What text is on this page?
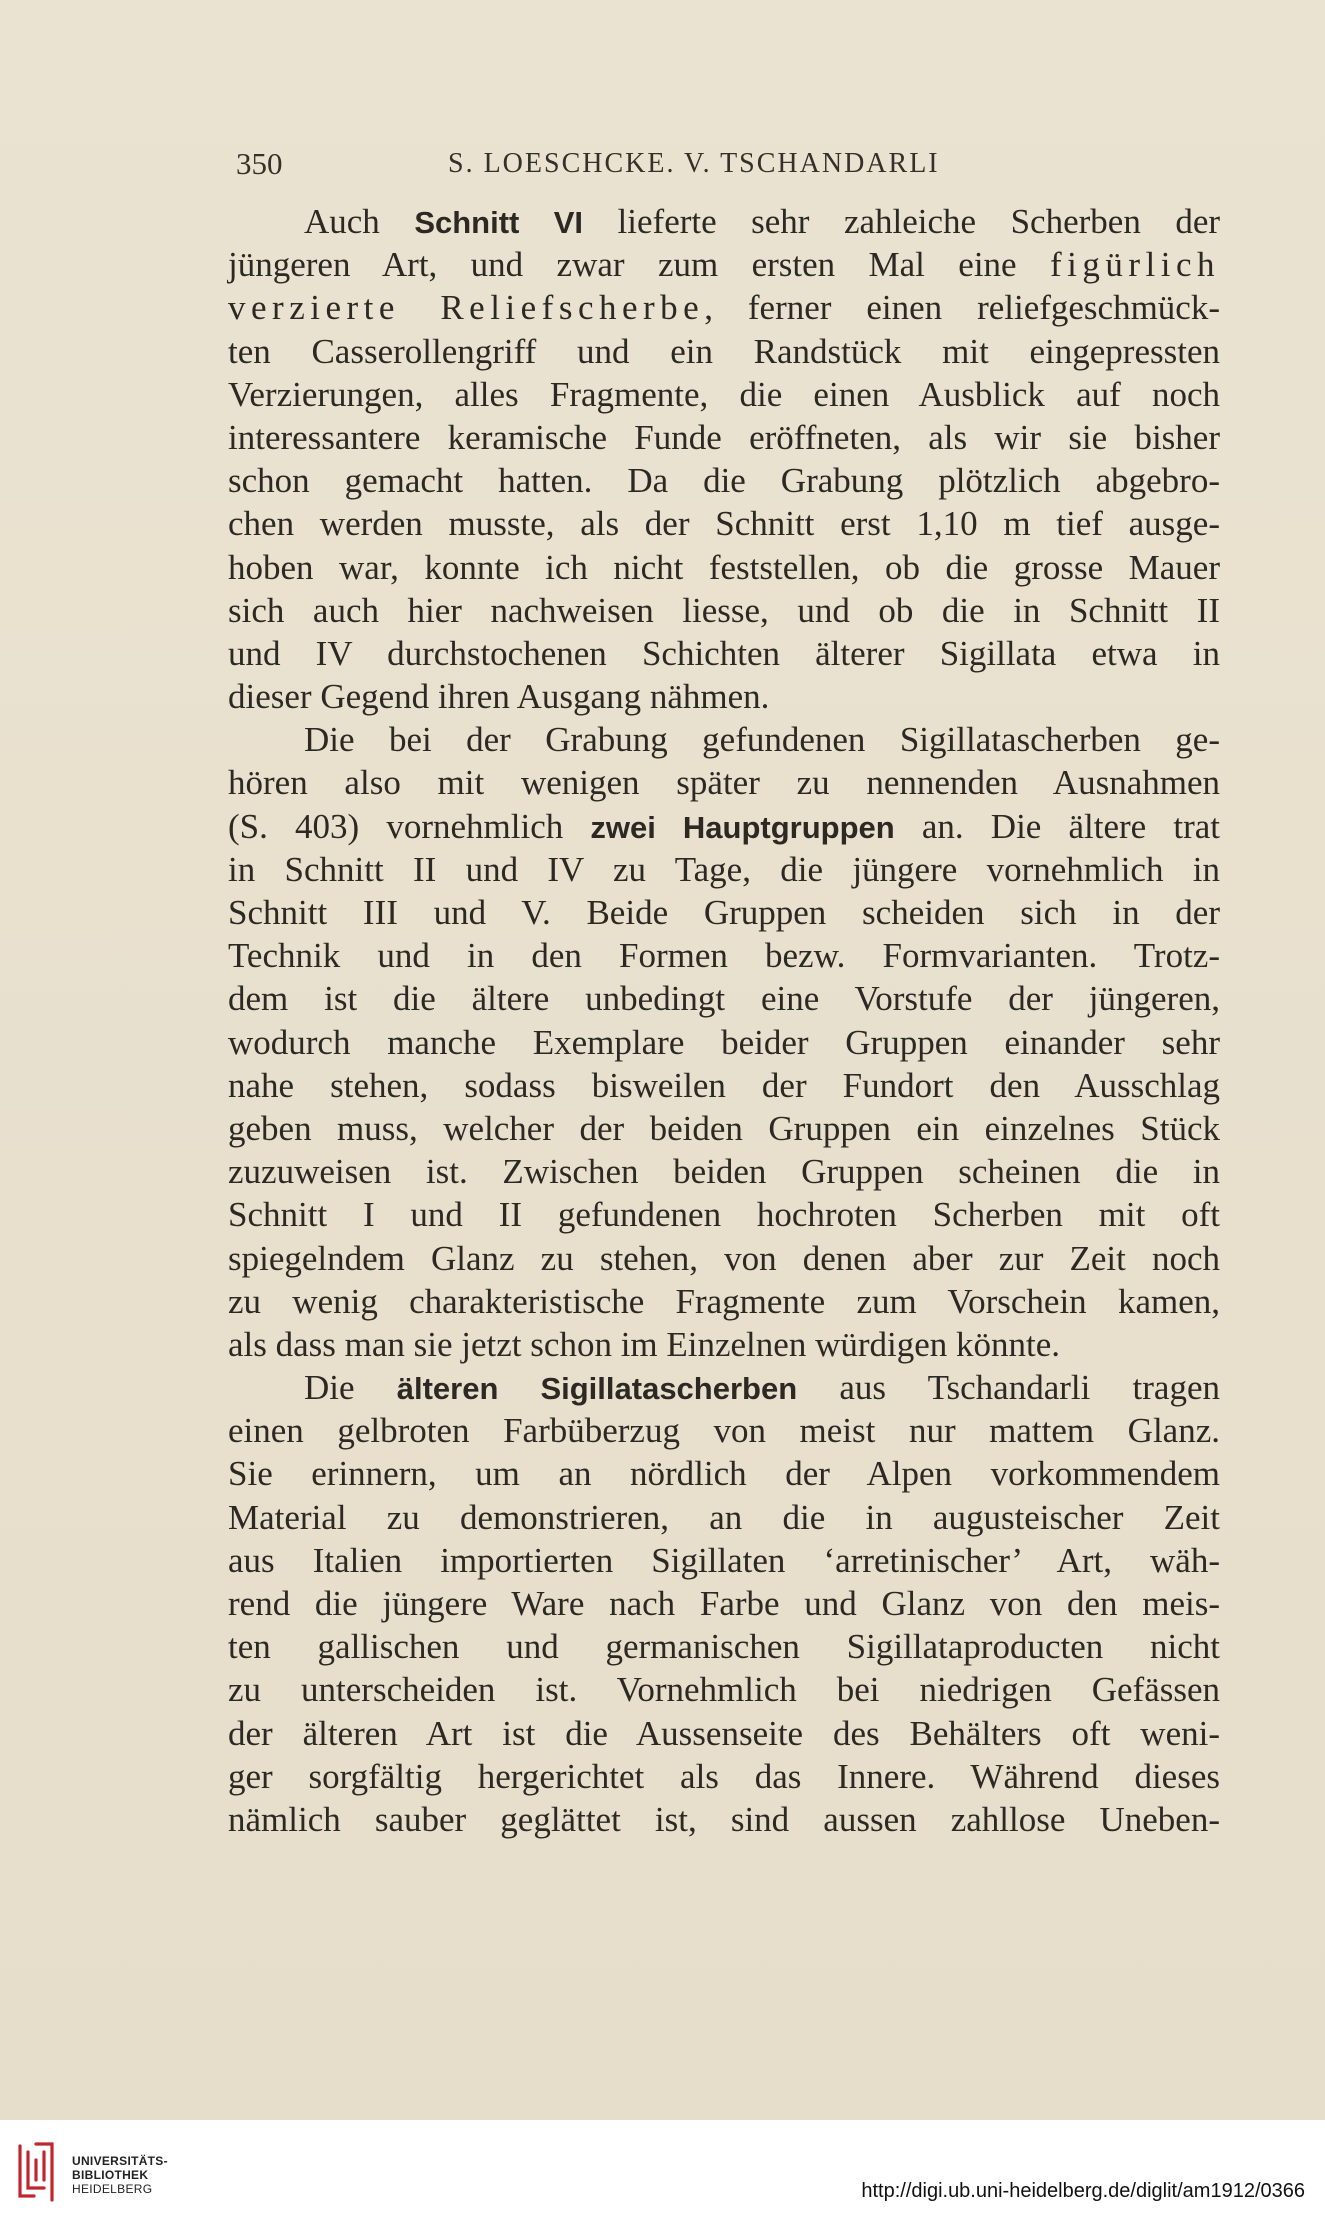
350	S. LOESCHCKE. V. TSCHANDARLI
Auch Schnitt VI lieferte sehr zahleiche Scherben der
jüngeren Art, und zwar zum ersten Mal eine figürlich
verzierte Reliefscherbe, ferner einen reliefgeschmück-
ten Casserollengriff und ein Randstück mit eingepressten
Verzierungen, alles Fragmente, die einen Ausblick auf noch
interessantere keramische Funde eröffneten, als wir sie bisher
schon gemacht hatten. Da die Grabung plötzlich abgebro-
chen werden musste, als der Schnitt erst 1,10 m tief ausge-
hoben war, konnte ich nicht feststellen, ob die grosse Mauer
sich auch hier nachweisen liesse, und ob die in Schnitt II
und IV durchstochenen Schichten älterer Sigillata etwa in
dieser Gegend ihren Ausgang nähmen.
Die bei der Grabung gefundenen Sigillatascherben ge-
hören also mit wenigen später zu nennenden Ausnahmen
(S. 403) vornehmlich zwei Hauptgruppen an. Die ältere trat
in Schnitt II und IV zu Tage, die jüngere vornehmlich in
Schnitt III und V. Beide Gruppen scheiden sich in der
Technik und in den Formen bezw. Formvarianten. Trotz-
dem ist die ältere unbedingt eine Vorstufe der jüngeren,
wodurch manche Exemplare beider Gruppen einander sehr
nahe stehen, sodass bisweilen der Fundort den Ausschlag
geben muss, welcher der beiden Gruppen ein einzelnes Stück
zuzuweisen ist. Zwischen beiden Gruppen scheinen die in
Schnitt I und II gefundenen hochroten Scherben mit oft
spiegelndem Glanz zu stehen, von denen aber zur Zeit noch
zu wenig charakteristische Fragmente zum Vorschein kamen,
als dass man sie jetzt schon im Einzelnen würdigen könnte.
Die älteren Sigillatascherben aus Tschandarli tragen
einen gelbroten Farbüberzug von meist nur mattem Glanz.
Sie erinnern, um an nördlich der Alpen vorkommendem
Material zu demonstrieren, an die in augusteischer Zeit
aus Italien importierten Sigillaten ‘arretinischer’ Art, wäh-
rend die jüngere Ware nach Farbe und Glanz von den meis-
ten gallischen und germanischen Sigillataproducten nicht
zu unterscheiden ist. Vornehmlich bei niedrigen Gefässen
der älteren Art ist die Aussenseite des Behälters oft weni-
ger sorgfältig hergerichtet als das Innere. Während dieses
nämlich sauber geglättet ist, sind aussen zahllose Uneben-
UNIVERSITÄTS-
BIBLIOTHEK
HEIDELBERG	http://digi.ub.uni-heidelberg.de/diglit/am1912/0366
